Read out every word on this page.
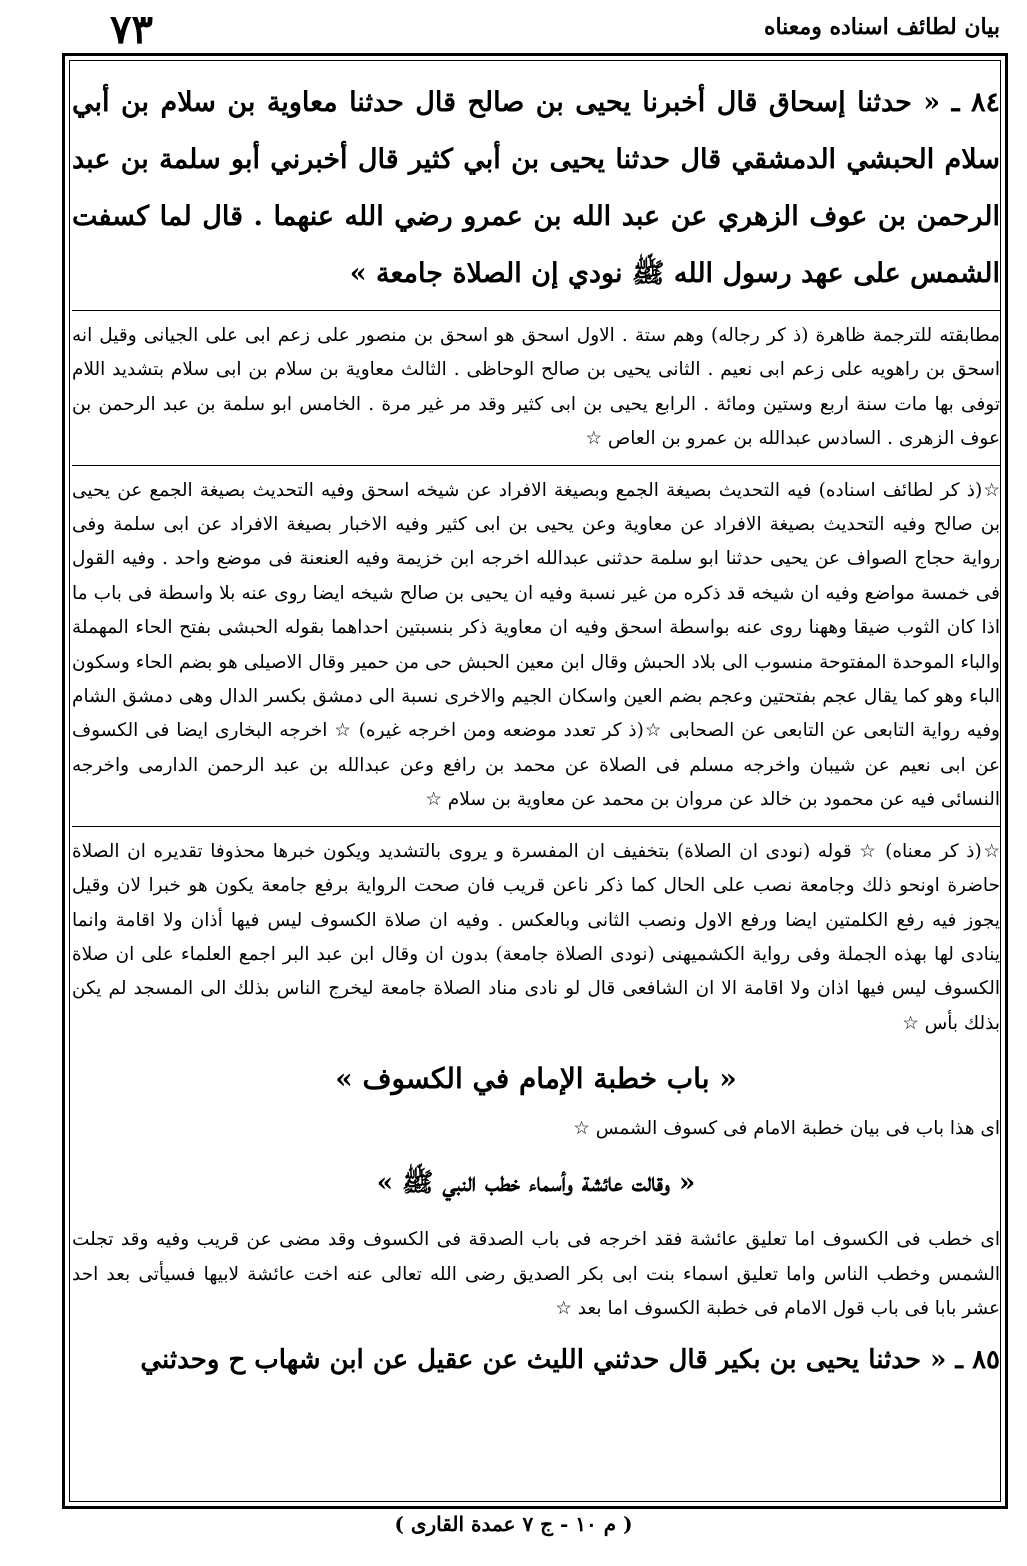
٧٣	بيان لطائف اسناده ومعناه

٨٤ ـ « حدثنا إسحاق قال أخبرنا يحيى بن صالح قال حدثنا معاوية بن سلام بن أبي سلام الحبشي الدمشقي قال حدثنا يحيى بن أبي كثير قال أخبرني أبو سلمة بن عبد الرحمن بن عوف الزهري عن عبد الله بن عمرو رضي الله عنهما . قال لما كسفت الشمس على عهد رسول الله ﷺ نودي إن الصلاة جامعة »

مطابقته للترجمة ظاهرة (ذ كر رجاله) وهم ستة . الاول اسحق هو اسحق بن منصور على زعم ابى على الجيانى وقيل انه اسحق بن راهويه على زعم ابى نعيم . الثانى يحيى بن صالح الوحاظى . الثالث معاوية بن سلام بن ابى سلام بتشديد اللام توفى بها مات سنة اربع وستين ومائة . الرابع يحيى بن ابى كثير وقد مر غير مرة . الخامس ابو سلمة بن عبد الرحمن بن عوف الزهرى . السادس عبدالله بن عمرو بن العاص ☆

☆(ذ كر لطائف اسناده) فيه التحديث بصيغة الجمع وبصيغة الافراد عن شيخه اسحق وفيه التحديث بصيغة الجمع عن يحيى بن صالح وفيه التحديث بصيغة الافراد عن معاوية وعن يحيى بن ابى كثير وفيه الاخبار بصيغة الافراد عن ابى سلمة وفى رواية حجاج الصواف عن يحيى حدثنا ابو سلمة حدثنى عبدالله اخرجه ابن خزيمة وفيه العنعنة فى موضع واحد . وفيه القول فى خمسة مواضع وفيه ان شيخه قد ذكره من غير نسبة وفيه ان يحيى بن صالح شيخه ايضا روى عنه بلا واسطة فى باب ما اذا كان الثوب ضيقا وههنا روى عنه بواسطة اسحق وفيه ان معاوية ذكر بنسبتين احداهما بقوله الحبشى بفتح الحاء المهملة والباء الموحدة المفتوحة منسوب الى بلاد الحبش وقال ابن معين الحبش حى من حمير وقال الاصيلى هو بضم الحاء وسكون الباء وهو كما يقال عجم بفتحتين وعجم بضم العين واسكان الجيم والاخرى نسبة الى دمشق بكسر الدال وهى دمشق الشام وفيه رواية التابعى عن التابعى عن الصحابى ☆(ذ كر تعدد موضعه ومن اخرجه غيره) ☆ اخرجه البخارى ايضا فى الكسوف عن ابى نعيم عن شيبان واخرجه مسلم فى الصلاة عن محمد بن رافع وعن عبدالله بن عبد الرحمن الدارمى واخرجه النسائى فيه عن محمود بن خالد عن مروان بن محمد عن معاوية بن سلام ☆

☆(ذ كر معناه) ☆ قوله (نودى ان الصلاة) بتخفيف ان المفسرة و يروى بالتشديد ويكون خبرها محذوفا تقديره ان الصلاة حاضرة اونحو ذلك وجامعة نصب على الحال كما ذكر ناعن قريب فان صحت الرواية برفع جامعة يكون هو خبرا لان وقيل يجوز فيه رفع الكلمتين ايضا ورفع الاول ونصب الثانى وبالعكس . وفيه ان صلاة الكسوف ليس فيها أذان ولا اقامة وانما ينادى لها بهذه الجملة وفى رواية الكشميهنى (نودى الصلاة جامعة) بدون ان وقال ابن عبد البر اجمع العلماء على ان صلاة الكسوف ليس فيها اذان ولا اقامة الا ان الشافعى قال لو نادى مناد الصلاة جامعة ليخرج الناس بذلك الى المسجد لم يكن بذلك بأس ☆

« باب خطبة الإمام في الكسوف »

اى هذا باب فى بيان خطبة الامام فى كسوف الشمس ☆

« وقالت عائشة وأسماء خطب النبي ﷺ »

اى خطب فى الكسوف اما تعليق عائشة فقد اخرجه فى باب الصدقة فى الكسوف وقد مضى عن قريب وفيه وقد تجلت الشمس وخطب الناس واما تعليق اسماء بنت ابى بكر الصديق رضى الله تعالى عنه اخت عائشة لابيها فسيأتى بعد احد عشر بابا فى باب قول الامام فى خطبة الكسوف اما بعد ☆

٨٥ ـ « حدثنا يحيى بن بكير قال حدثني الليث عن عقيل عن ابن شهاب ح وحدثني

( م ١٠ - ج ٧ عمدة القارى )
